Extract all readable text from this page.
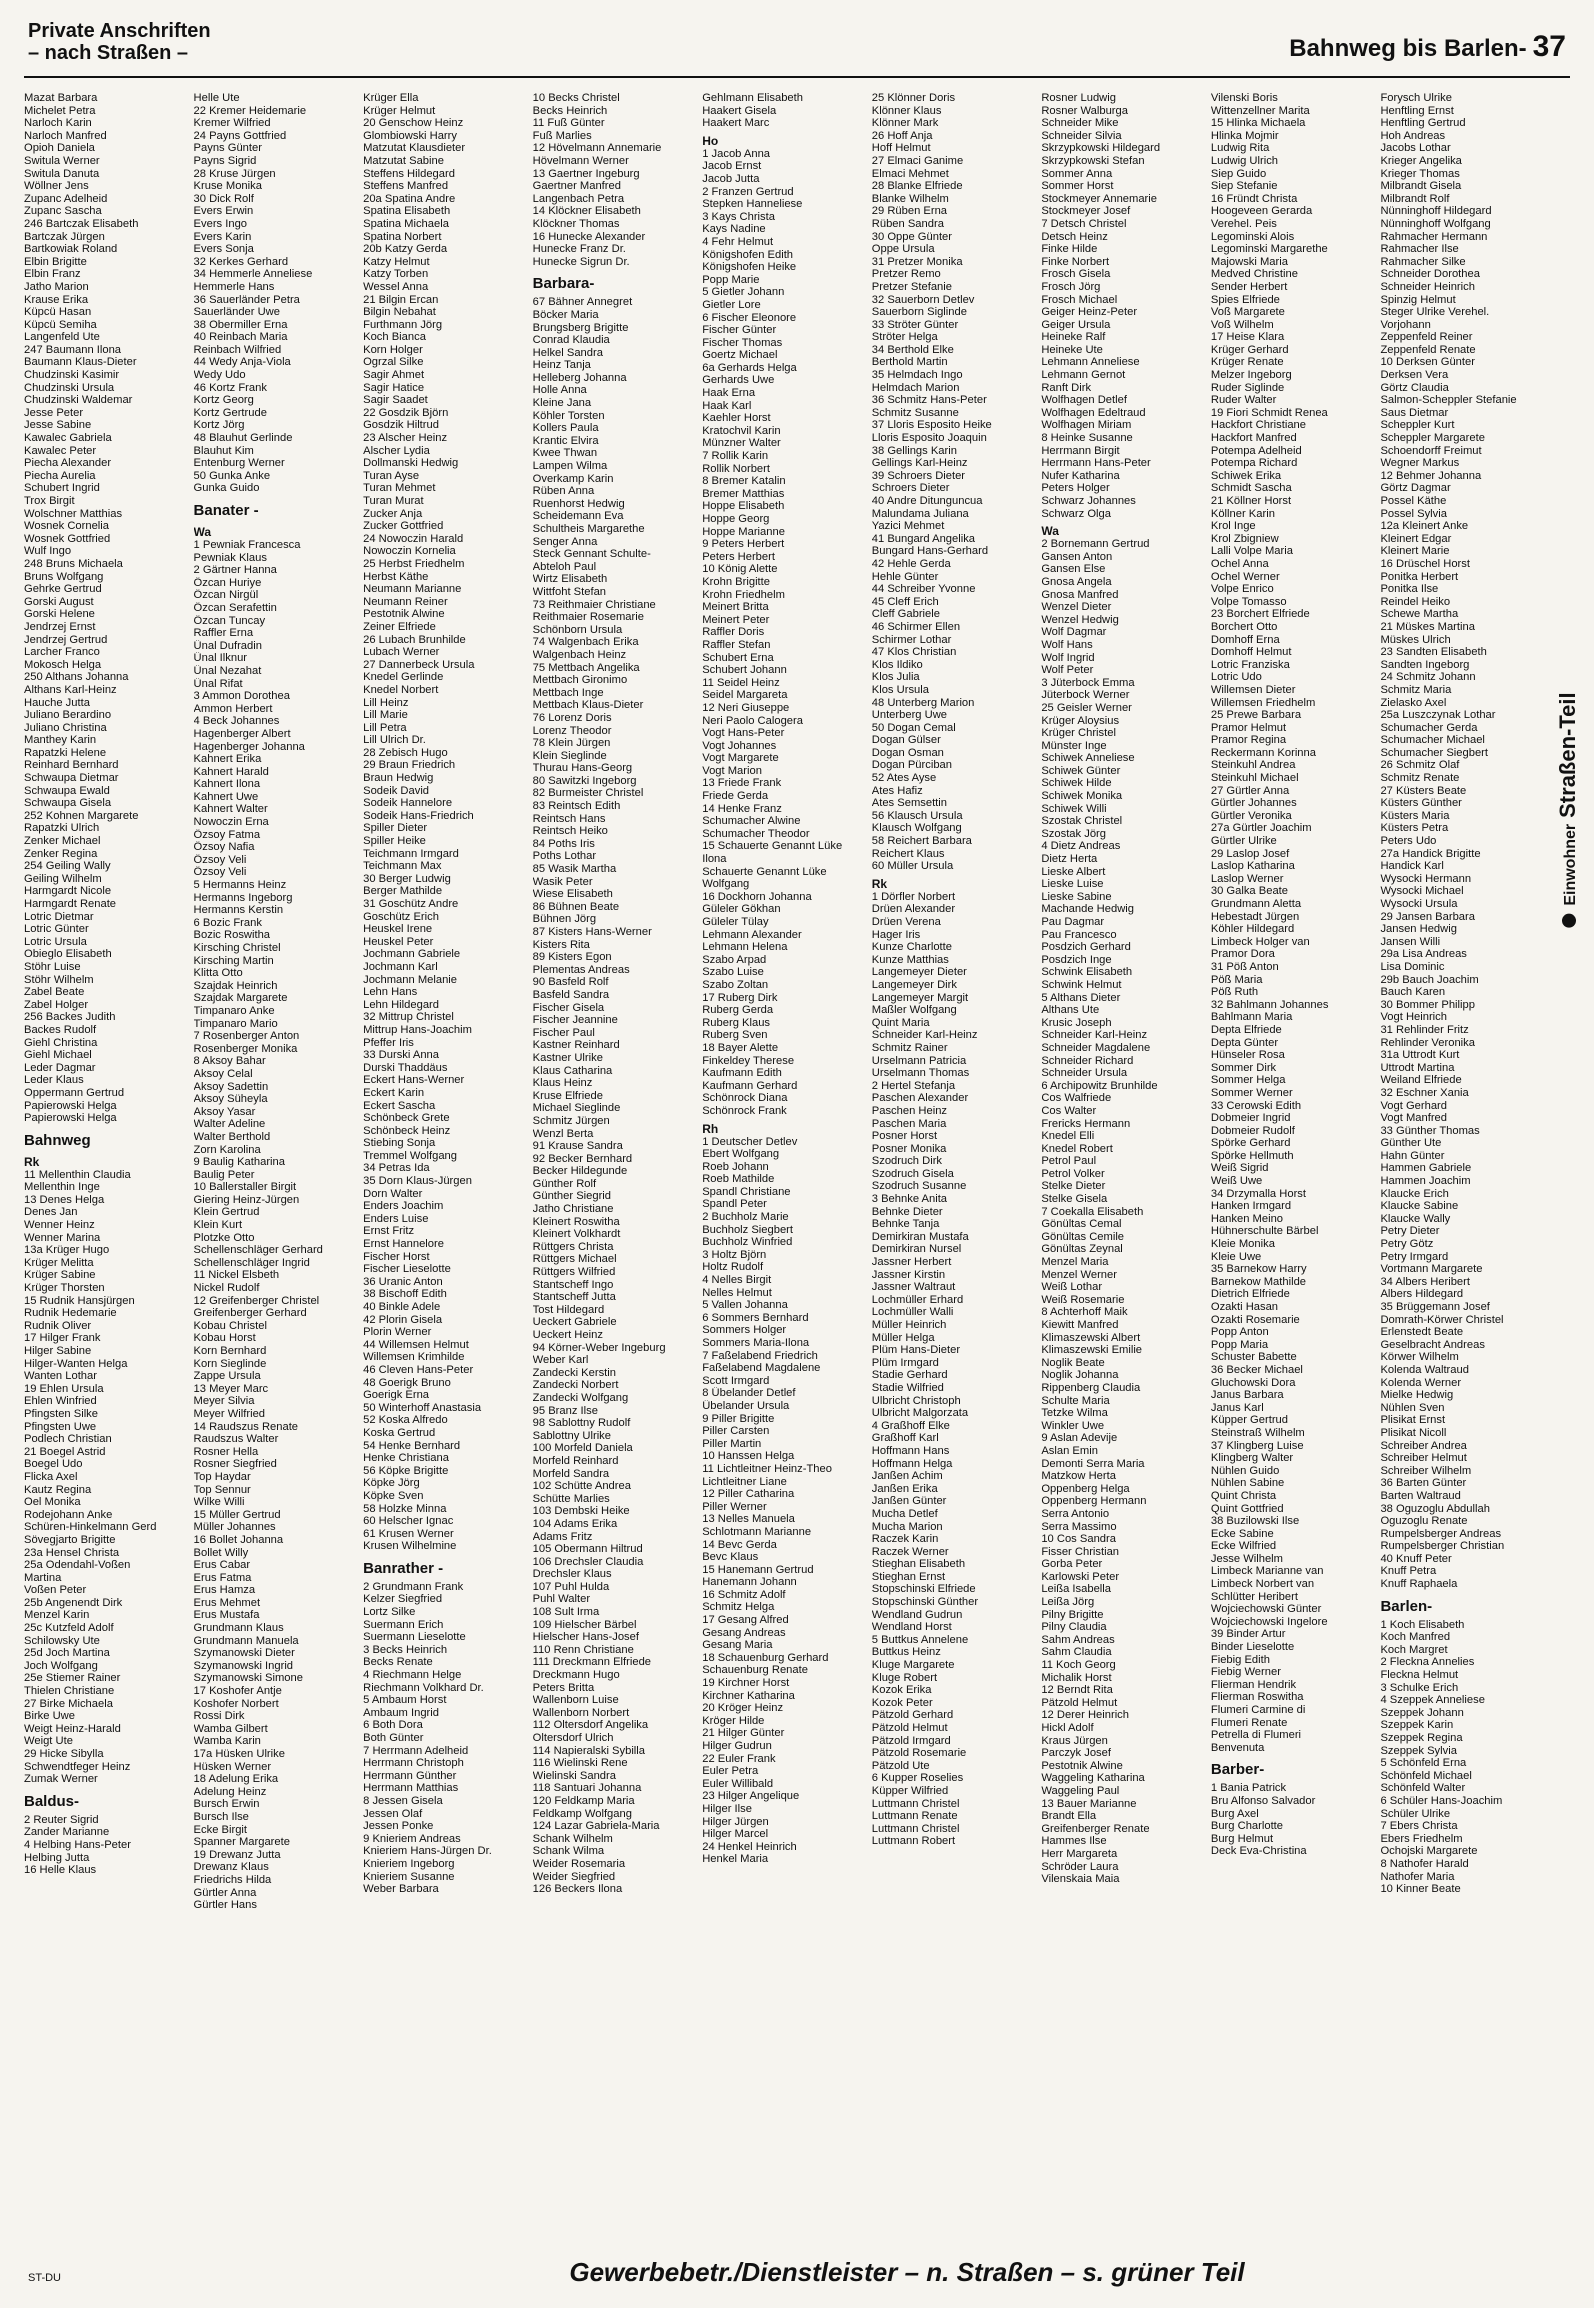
Private Anschriften
– nach Straßen –	Bahnweg bis Barlen- 37
Mazat Barbara
Michelet Petra
Narloch Karin
Narloch Manfred
Opioh Daniela
Switula Werner
Switula Danuta
Wöllner Jens
Zupanc Adelheid
Zupanc Sascha
246 Bartczak Elisabeth
Bartczak Jürgen
Bartkowiak Roland
Elbin Brigitte
Elbin Franz
Jatho Marion
Krause Erika
Küpcü Hasan
Küpcü Semiha
Langenfeld Ute
247 Baumann Ilona
Baumann Klaus-Dieter
Chudzinski Kasimir
Chudzinski Ursula
Chudzinski Waldemar
Jesse Peter
Jesse Sabine
Kawalec Gabriela
Kawalec Peter
Piecha Alexander
Piecha Aurelia
Schubert Ingrid
Trox Birgit
Wolschner Matthias
Wosnek Cornelia
Wosnek Gottfried
Wulf Ingo
248 Bruns Michaela
Bruns Wolfgang
Gehrke Gertrud
Gorski August
Gorski Helene
Jendrzej Ernst
Jendrzej Gertrud
Larcher Franco
Mokosch Helga
250 Althans Johanna
Althans Karl-Heinz
Hauche Jutta
Juliano Berardino
Juliano Christina
Manthey Karin
Rapatzki Helene
Reinhard Bernhard
Schwaupa Dietmar
Schwaupa Ewald
Schwaupa Gisela
252 Kohnen Margarete
Rapatzki Ulrich
Zenker Michael
Zenker Regina
254 Geiling Wally
Geiling Wilhelm
Harmgardt Nicole
Harmgardt Renate
Lotric Dietmar
Lotric Günter
Lotric Ursula
Obieglo Elisabeth
Stöhr Luise
Stöhr Wilhelm
Zabel Beate
Zabel Holger
256 Backes Judith
Backes Rudolf
Giehl Christina
Giehl Michael
Leder Dagmar
Leder Klaus
Oppermann Gertrud
Papierowski Helga
Papierowski Helga
Bahnweg
Rk
11 Mellenthin Claudia
Mellenthin Inge
13 Denes Helga
Denes Jan
Wenner Heinz
Wenner Marina
13a Krüger Hugo
Krüger Melitta
Krüger Sabine
Krüger Thorsten
15 Rudnik Hansjürgen
Rudnik Hedemarie
Rudnik Oliver
17 Hilger Frank
Hilger Sabine
Hilger-Wanten Helga
Wanten Lothar
19 Ehlen Ursula
Ehlen Winfried
Pfingsten Silke
Pfingsten Uwe
Podlech Christian
21 Boegel Astrid
Boegel Udo
Flicka Axel
Kautz Regina
Oel Monika
Rodejohann Anke
Schüren-Hinkelmann Gerd
Sövegjarto Brigitte
23a Hensel Christa
25a Odendahl-Voßen
Martina
Voßen Peter
25b Angenendt Dirk
Menzel Karin
25c Kutzfeld Adolf
Schilowsky Ute
25d Joch Martina
Joch Wolfgang
25e Stiemer Rainer
Thielen Christiane
27 Birke Michaela
Birke Uwe
Weigt Heinz-Harald
Weigt Ute
29 Hicke Sibylla
Schwendtfeger Heinz
Zumak Werner
Baldus-
2 Reuter Sigrid
Zander Marianne
4 Helbing Hans-Peter
Helbing Jutta
16 Helle Klaus
Helle Ute
22 Kremer Heidemarie
Kremer Wilfried
24 Payns Gottfried
Payns Günter
Payns Sigrid
28 Kruse Jürgen
Kruse Monika
30 Dick Rolf
Evers Erwin
Evers Ingo
Evers Karin
Evers Sonja
32 Kerkes Gerhard
34 Hemmerle Anneliese
Hemmerle Hans
36 Sauerländer Petra
Sauerländer Uwe
38 Obermiller Erna
40 Reinbach Maria
Reinbach Wilfried
44 Wedy Anja-Viola
Wedy Udo
46 Kortz Frank
Kortz Georg
Kortz Gertrude
Kortz Jörg
48 Blauhut Gerlinde
Blauhut Kim
Entenburg Werner
50 Gunka Anke
Gunka Guido
Banater -
Wa
1 Pewniak Francesca
Pewniak Klaus
2 Gärtner Hanna
Özcan Huriye
Özcan Nirgül
Özcan Serafettin
Özcan Tuncay
Raffler Erna
Ünal Dufradin
Ünal Ilknur
Ünal Nezahat
Ünal Rifat
3 Ammon Dorothea
Ammon Herbert
4 Beck Johannes
Hagenberger Albert
Hagenberger Johanna
Kahnert Erika
Kahnert Harald
Kahnert Ilona
Kahnert Uwe
Kahnert Walter
Nowoczin Erna
Özsoy Fatma
Özsoy Nafia
Özsoy Veli
Özsoy Veli
5 Hermanns Heinz
Hermanns Ingeborg
Hermanns Kerstin
6 Bozic Frank
Bozic Roswitha
Kirsching Christel
Kirsching Martin
Klitta Otto
Szajdak Heinrich
Szajdak Margarete
Timpanaro Anke
Timpanaro Mario
7 Rosenberger Anton
Rosenberger Monika
8 Aksoy Bahar
Aksoy Celal
Aksoy Sadettin
Aksoy Süheyla
Aksoy Yasar
Walter Adeline
Walter Berthold
Zorn Karolina
9 Baulig Katharina
Baulig Peter
10 Ballerstaller Birgit
Giering Heinz-Jürgen
Klein Gertrud
Klein Kurt
Plotzke Otto
Schellenschläger Gerhard
Schellenschläger Ingrid
11 Nickel Elsbeth
Nickel Rudolf
12 Greifenberger Christel
Greifenberger Gerhard
Kobau Christel
Kobau Horst
Korn Bernhard
Korn Sieglinde
Zappe Ursula
13 Meyer Marc
Meyer Silvia
Meyer Wilfried
14 Raudszus Renate
Raudszus Walter
Rosner Hella
Rosner Siegfried
Top Haydar
Top Sennur
Wilke Willi
15 Müller Gertrud
Müller Johannes
16 Bollet Johanna
Bollet Willy
Erus Cabar
Erus Fatma
Erus Hamza
Erus Mehmet
Erus Mustafa
Grundmann Klaus
Grundmann Manuela
Szymanowski Dieter
Szymanowski Ingrid
Szymanowski Simone
17 Koshofer Antje
Koshofer Norbert
Rossi Dirk
Wamba Gilbert
Wamba Karin
17a Hüsken Ulrike
Hüsken Werner
18 Adelung Erika
Adelung Heinz
Bursch Erwin
Bursch Ilse
Ecke Birgit
Spanner Margarete
19 Drewanz Jutta
Drewanz Klaus
Friedrichs Hilda
Gürtler Anna
Gürtler Hans
Krüger Ella
Krüger Helmut
20 Genschow Heinz
Glombiowski Harry
Matzutat Klausdieter
Matzutat Sabine
Steffens Hildegard
Steffens Manfred
20a Spatina Andre
Spatina Elisabeth
Spatina Michaela
Spatina Norbert
20b Katzy Gerda
Katzy Helmut
Katzy Torben
Wessel Anna
21 Bilgin Ercan
Bilgin Nebahat
Furthmann Jörg
Koch Bianca
Korn Holger
Ogrzal Silke
Sagir Ahmet
Sagir Hatice
Sagir Saadet
22 Gosdzik Björn
Gosdzik Hiltrud
23 Alscher Heinz
Alscher Lydia
Dollmanski Hedwig
Turan Ayse
Turan Mehmet
Turan Murat
Zucker Anja
Zucker Gottfried
24 Nowoczin Harald
Nowoczin Kornelia
25 Herbst Friedhelm
Herbst Käthe
Neumann Marianne
Neumann Reiner
Pestotnik Alwine
Zeiner Elfriede
26 Lubach Brunhilde
Lubach Werner
27 Dannerbeck Ursula
Knedel Gerlinde
Knedel Norbert
Lill Heinz
Lill Marie
Lill Petra
Lill Ulrich Dr.
28 Zebisch Hugo
29 Braun Friedrich
Braun Hedwig
Sodeik David
Sodeik Hannelore
Sodeik Hans-Friedrich
Spiller Dieter
Spiller Heike
Teichmann Irmgard
Teichmann Max
30 Berger Ludwig
Berger Mathilde
31 Goschütz Andre
Goschütz Erich
Heuskel Irene
Heuskel Peter
Jochmann Gabriele
Jochmann Karl
Jochmann Melanie
Lehn Hans
Lehn Hildegard
32 Mittrup Christel
Mittrup Hans-Joachim
Pfeffer Iris
33 Durski Anna
Durski Thaddäus
Eckert Hans-Werner
Eckert Karin
Eckert Sascha
Schönbeck Grete
Schönbeck Heinz
Stiebing Sonja
Tremmel Wolfgang
34 Petras Ida
35 Dorn Klaus-Jürgen
Dorn Walter
Enders Joachim
Enders Luise
Ernst Fritz
Ernst Hannelore
Fischer Horst
Fischer Lieselotte
36 Uranic Anton
38 Bischoff Edith
40 Binkle Adele
42 Plorin Gisela
Plorin Werner
44 Willemsen Helmut
Willemsen Krimhilde
46 Cleven Hans-Peter
48 Goerigk Bruno
Goerigk Erna
50 Winterhoff Anastasia
52 Koska Alfredo
Koska Gertrud
54 Henke Bernhard
Henke Christiana
56 Köpke Brigitte
Köpke Jörg
Köpke Sven
58 Holzke Minna
60 Helscher Ignac
61 Krusen Werner
Krusen Wilhelmine
Banrather -
2 Grundmann Frank
Kelzer Siegfried
Lortz Silke
Suermann Erich
Suermann Lieselotte
3 Becks Heinrich
Becks Renate
4 Riechmann Helge
Riechmann Volkhard Dr.
5 Ambaum Horst
Ambaum Ingrid
6 Both Dora
Both Günter
7 Herrmann Adelheid
Herrmann Christoph
Herrmann Günther
Herrmann Matthias
8 Jessen Gisela
Jessen Olaf
Jessen Ponke
9 Knieriem Andreas
Knieriem Hans-Jürgen Dr.
Knieriem Ingeborg
Knieriem Susanne
Weber Barbara
10 Becks Christel
Becks Heinrich
11 Fuß Günter
Fuß Marlies
12 Hövelmann Annemarie
Hövelmann Werner
13 Gaertner Ingeburg
Gaertner Manfred
Langenbach Petra
14 Klöckner Elisabeth
Klöckner Thomas
16 Hunecke Alexander
Hunecke Franz Dr.
Hunecke Sigrun Dr.
Barbara-
67 Bähner Annegret
Böcker Maria
Brungsberg Brigitte
Conrad Klaudia
Helkel Sandra
Heinz Tanja
Helleberg Johanna
Holle Anna
Kleine Jana
Köhler Torsten
Kollers Paula
Krantic Elvira
Kwee Thwan
Lampen Wilma
Overkamp Karin
Rüben Anna
Ruenhorst Hedwig
Scheidemann Eva
Schultheis Margarethe
Senger Anna
Steck Gennant Schulte-
Abteloh Paul
Wirtz Elisabeth
Wittfoht Stefan
73 Reithmaier Christiane
Reithmaier Rosemarie
Schönborn Ursula
74 Walgenbach Erika
Walgenbach Heinz
75 Mettbach Angelika
Mettbach Gironimo
Mettbach Inge
Mettbach Klaus-Dieter
76 Lorenz Doris
Lorenz Theodor
78 Klein Jürgen
Klein Sieglinde
Thurau Hans-Georg
80 Sawitzki Ingeborg
82 Burmeister Christel
83 Reintsch Edith
Reintsch Hans
Reintsch Heiko
84 Poths Iris
Poths Lothar
85 Wasik Martha
Wasik Peter
Wiese Elisabeth
86 Bühnen Beate
Bühnen Jörg
87 Kisters Hans-Werner
Kisters Rita
89 Kisters Egon
Plementas Andreas
90 Basfeld Rolf
Basfeld Sandra
Fischer Gisela
Fischer Jeannine
Fischer Paul
Kastner Reinhard
Kastner Ulrike
Klaus Catharina
Klaus Heinz
Kruse Elfriede
Michael Sieglinde
Schmitz Jürgen
Wenzl Berta
91 Krause Sandra
92 Becker Bernhard
Becker Hildegunde
Günther Rolf
Günther Siegrid
Jatho Christiane
Kleinert Roswitha
Kleinert Volkhardt
Rüttgers Christa
Rüttgers Michael
Rüttgers Wilfried
Stantscheff Ingo
Stantscheff Jutta
Tost Hildegard
Ueckert Gabriele
Ueckert Heinz
94 Körner-Weber Ingeburg
Weber Karl
Zandecki Kerstin
Zandecki Norbert
Zandecki Wolfgang
95 Branz Ilse
98 Sablottny Rudolf
Sablottny Ulrike
100 Morfeld Daniela
Morfeld Reinhard
Morfeld Sandra
102 Schütte Andrea
Schütte Marlies
103 Dembski Heike
104 Adams Erika
Adams Fritz
105 Obermann Hiltrud
106 Drechsler Claudia
Drechsler Klaus
107 Puhl Hulda
Puhl Walter
108 Sult Irma
109 Hielscher Bärbel
Hielscher Hans-Josef
110 Renn Christiane
111 Dreckmann Elfriede
Dreckmann Hugo
Peters Britta
Wallenborn Luise
Wallenborn Norbert
112 Oltersdorf Angelika
Oltersdorf Ulrich
114 Napieralski Sybilla
116 Wielinski Rene
Wielinski Sandra
118 Santuari Johanna
120 Feldkamp Maria
Feldkamp Wolfgang
124 Lazar Gabriela-Maria
Schank Wilhelm
Schank Wilma
Weider Rosemaria
Weider Siegfried
126 Beckers Ilona
Gehlmann Elisabeth
Haakert Gisela
Haakert Marc
Ho
1 Jacob Anna
Jacob Ernst
Jacob Jutta
2 Franzen Gertrud
Stepken Hanneliese
3 Kays Christa
Kays Nadine
4 Fehr Helmut
Königshofen Edith
Königshofen Heike
Popp Marie
5 Gietler Johann
Gietler Lore
6 Fischer Eleonore
Fischer Günter
Fischer Thomas
Goertz Michael
6a Gerhards Helga
Gerhards Uwe
Haak Erna
Haak Karl
Kaehler Horst
Kratochvil Karin
Münzner Walter
7 Rollik Karin
Rollik Norbert
8 Bremer Katalin
Bremer Matthias
Hoppe Elisabeth
Hoppe Georg
Hoppe Marianne
9 Peters Herbert
Peters Herbert
10 König Alette
Krohn Brigitte
Krohn Friedhelm
Meinert Britta
Meinert Peter
Raffler Doris
Raffler Stefan
Schubert Erna
Schubert Johann
11 Seidel Heinz
Seidel Margareta
12 Neri Giuseppe
Neri Paolo Calogera
Vogt Hans-Peter
Vogt Johannes
Vogt Margarete
Vogt Marion
13 Friede Frank
Friede Gerda
14 Henke Franz
Schumacher Alwine
Schumacher Theodor
15 Schauerte Genannt Lüke
Ilona
Schauerte Genannt Lüke
Wolfgang
16 Dockhorn Johanna
Güleler Gökhan
Güleler Tülay
Lehmann Alexander
Lehmann Helena
Szabo Arpad
Szabo Luise
Szabo Zoltan
17 Ruberg Dirk
Ruberg Gerda
Ruberg Klaus
Ruberg Sven
18 Bayer Alette
Finkeldey Therese
Kaufmann Edith
Kaufmann Gerhard
Schönrock Diana
Schönrock Frank
Rh
1 Deutscher Detlev
Ebert Wolfgang
Roeb Johann
Roeb Mathilde
Spandl Christiane
Spandl Peter
2 Buchholz Marie
Buchholz Siegbert
Buchholz Winfried
3 Holtz Björn
Holtz Rudolf
4 Nelles Birgit
Nelles Helmut
5 Vallen Johanna
6 Sommers Bernhard
Sommers Holger
Sommers Maria-Ilona
7 Faßelabend Friedrich
Faßelabend Magdalene
Scott Irmgard
8 Übelander Detlef
Übelander Ursula
9 Piller Brigitte
Piller Carsten
Piller Martin
10 Hanssen Helga
11 Lichtleitner Heinz-Theo
Lichtleitner Liane
12 Piller Catharina
Piller Werner
13 Nelles Manuela
Schlotmann Marianne
14 Bevc Gerda
Bevc Klaus
15 Hanemann Gertrud
Hanemann Johann
16 Schmitz Adolf
Schmitz Helga
17 Gesang Alfred
Gesang Andreas
Gesang Maria
18 Schauenburg Gerhard
Schauenburg Renate
19 Kirchner Horst
Kirchner Katharina
20 Kröger Heinz
Kröger Hilde
21 Hilger Günter
Hilger Gudrun
22 Euler Frank
Euler Petra
Euler Willibald
23 Hilger Angelique
Hilger Ilse
Hilger Jürgen
Hilger Marcel
24 Henkel Heinrich
Henkel Maria
25 Klönner Doris
Klönner Klaus
Klönner Mark
26 Hoff Anja
Hoff Helmut
27 Elmaci Ganime
Elmaci Mehmet
28 Blanke Elfriede
Blanke Wilhelm
29 Rüben Erna
Rüben Sandra
30 Oppe Günter
Oppe Ursula
31 Pretzer Monika
Pretzer Remo
Pretzer Stefanie
32 Sauerborn Detlev
Sauerborn Siglinde
33 Ströter Günter
Ströter Helga
34 Berthold Elke
Berthold Martin
35 Helmdach Ingo
Helmdach Marion
36 Schmitz Hans-Peter
Schmitz Susanne
37 Lloris Esposito Heike
Lloris Esposito Joaquin
38 Gellings Karin
Gellings Karl-Heinz
39 Schroers Dieter
Schroers Dieter
40 Andre Ditunguncua
Malundama Juliana
Yazici Mehmet
41 Bungard Angelika
Bungard Hans-Gerhard
42 Hehle Gerda
Hehle Günter
44 Schreiber Yvonne
45 Cleff Erich
Cleff Gabriele
46 Schirmer Ellen
Schirmer Lothar
47 Klos Christian
Klos Ildiko
Klos Julia
Klos Ursula
48 Unterberg Marion
Unterberg Uwe
50 Dogan Cemal
Dogan Gülser
Dogan Osman
Dogan Pürciban
52 Ates Ayse
Ates Hafiz
Ates Semsettin
56 Klausch Ursula
Klausch Wolfgang
58 Reichert Barbara
Reichert Klaus
60 Müller Ursula
Rk
1 Dörfler Norbert
Drüen Alexander
Drüen Verena
Hager Iris
Kunze Charlotte
Kunze Matthias
Langemeyer Dieter
Langemeyer Dirk
Langemeyer Margit
Maßler Wolfgang
Quint Maria
Schneider Karl-Heinz
Schmitz Rainer
Urselmann Patricia
Urselmann Thomas
2 Hertel Stefanja
Paschen Alexander
Paschen Heinz
Paschen Maria
Posner Horst
Posner Monika
Szodruch Dirk
Szodruch Gisela
Szodruch Susanne
3 Behnke Anita
Behnke Dieter
Behnke Tanja
Demirkiran Mustafa
Demirkiran Nursel
Jassner Herbert
Jassner Kirstin
Jassner Waltraut
Lochmüller Erhard
Lochmüller Walli
Müller Heinrich
Müller Helga
Plüm Hans-Dieter
Plüm Irmgard
Stadie Gerhard
Stadie Wilfried
Ulbricht Christoph
Ulbricht Malgorzata
4 Graßhoff Elke
Graßhoff Karl
Hoffmann Hans
Hoffmann Helga
Janßen Achim
Janßen Erika
Janßen Günter
Mucha Detlef
Mucha Marion
Raczek Karin
Raczek Werner
Stieghan Elisabeth
Stieghan Ernst
Stopschinski Elfriede
Stopschinski Günther
Wendland Gudrun
Wendland Horst
5 Buttkus Annelene
Buttkus Heinz
Kluge Margarete
Kluge Robert
Kozok Erika
Kozok Peter
Pätzold Gerhard
Pätzold Helmut
Pätzold Irmgard
Pätzold Rosemarie
Pätzold Ute
6 Kupper Roselies
Küpper Wilfried
Luttmann Christel
Luttmann Renate
Luttmann Christel
Luttmann Robert
Rosner Ludwig
Rosner Walburga
Schneider Mike
Schneider Silvia
Skrzypkowski Hildegard
Skrzypkowski Stefan
Sommer Anna
Sommer Horst
Stockmeyer Annemarie
Stockmeyer Josef
7 Detsch Christel
Detsch Heinz
Finke Hilde
Finke Norbert
Frosch Gisela
Frosch Jörg
Frosch Michael
Geiger Heinz-Peter
Geiger Ursula
Heineke Ralf
Heineke Ute
Lehmann Anneliese
Lehmann Gernot
Ranft Dirk
Wolfhagen Detlef
Wolfhagen Edeltraud
Wolfhagen Miriam
8 Heinke Susanne
Herrmann Birgit
Herrmann Hans-Peter
Nufer Katharina
Peters Holger
Schwarz Johannes
Schwarz Olga
Wa
2 Bornemann Gertrud
Gansen Anton
Gansen Else
Gnosa Angela
Gnosa Manfred
Wenzel Dieter
Wenzel Hedwig
Wolf Dagmar
Wolf Hans
Wolf Ingrid
Wolf Peter
3 Jüterbock Emma
Jüterbock Werner
25 Geisler Werner
Krüger Aloysius
Krüger Christel
Münster Inge
Schiwek Anneliese
Schiwek Günter
Schiwek Hilde
Schiwek Monika
Schiwek Willi
Szostak Christel
Szostak Jörg
4 Dietz Andreas
Dietz Herta
Lieske Albert
Lieske Luise
Lieske Sabine
Machande Hedwig
Pau Dagmar
Pau Francesco
Posdzich Gerhard
Posdzich Inge
Schwink Elisabeth
Schwink Helmut
5 Althans Dieter
Althans Ute
Krusic Joseph
Schneider Karl-Heinz
Schneider Magdalene
Schneider Richard
Schneider Ursula
6 Archipowitz Brunhilde
Cos Walfriede
Cos Walter
Frericks Hermann
Knedel Elli
Knedel Robert
Petrol Paul
Petrol Volker
Stelke Dieter
Stelke Gisela
7 Coekalla Elisabeth
Gönültas Cemal
Gönültas Cemile
Gönültas Zeynal
Menzel Maria
Menzel Werner
Weiß Lothar
Weiß Rosemarie
8 Achterhoff Maik
Kiewitt Manfred
Klimaszewski Albert
Klimaszewski Emilie
Noglik Beate
Noglik Johanna
Rippenberg Claudia
Schulte Maria
Tetzke Wilma
Winkler Uwe
9 Aslan Adevije
Aslan Emin
Demonti Serra Maria
Matzkow Herta
Oppenberg Helga
Oppenberg Hermann
Serra Antonio
Serra Massimo
10 Cos Sandra
Fisser Christian
Gorba Peter
Karlowski Peter
Leißa Isabella
Leißa Jörg
Pilny Brigitte
Pilny Claudia
Sahm Andreas
Sahm Claudia
11 Koch Georg
Michalik Horst
12 Berndt Rita
Pätzold Helmut
12 Derer Heinrich
Hickl Adolf
Kraus Jürgen
Parczyk Josef
Pestotnik Alwine
Waggeling Katharina
Waggeling Paul
13 Bauer Marianne
Brandt Ella
Greifenberger Renate
Hammes Ilse
Herr Margareta
Schröder Laura
Vilenskaia Maia
Vilenski Boris
Wittenzellner Marita
15 Hlinka Michaela
Hlinka Mojmir
Ludwig Rita
Ludwig Ulrich
Siep Guido
Siep Stefanie
16 Fründt Christa
Hoogeveen Gerarda
Verehel. Peis
Legominski Alois
Legominski Margarethe
Majowski Maria
Medved Christine
Sender Herbert
Spies Elfriede
Voß Margarete
Voß Wilhelm
17 Heise Klara
Krüger Gerhard
Krüger Renate
Melzer Ingeborg
Ruder Siglinde
Ruder Walter
19 Fiori Schmidt Renea
Hackfort Christiane
Hackfort Manfred
Potempa Adelheid
Potempa Richard
Schiwek Erika
Schmidt Sascha
21 Köllner Horst
Köllner Karin
Krol Inge
Krol Zbigniew
Lalli Volpe Maria
Ochel Anna
Ochel Werner
Volpe Enrico
Volpe Tomasso
23 Borchert Elfriede
Borchert Otto
Domhoff Erna
Domhoff Helmut
Lotric Franziska
Lotric Udo
Willemsen Dieter
Willemsen Friedhelm
25 Prewe Barbara
Pramor Helmut
Pramor Regina
Reckermann Korinna
Steinkuhl Andrea
Steinkuhl Michael
27 Gürtler Anna
Gürtler Johannes
Gürtler Veronika
27a Gürtler Joachim
Gürtler Ulrike
29 Laslop Josef
Laslop Katharina
Laslop Werner
30 Galka Beate
Grundmann Aletta
Hebestadt Jürgen
Köhler Hildegard
Limbeck Holger van
Pramor Dora
31 Pöß Anton
Pöß Maria
Pöß Ruth
32 Bahlmann Johannes
Bahlmann Maria
Depta Elfriede
Depta Günter
Hünseler Rosa
Sommer Dirk
Sommer Helga
Sommer Werner
33 Cerowski Edith
Dobmeier Ingrid
Dobmeier Rudolf
Spörke Gerhard
Spörke Hellmuth
Weiß Sigrid
Weiß Uwe
34 Drzymalla Horst
Hanken Irmgard
Hanken Meino
Hühnerschulte Bärbel
Kleie Monika
Kleie Uwe
35 Barnekow Harry
Barnekow Mathilde
Dietrich Elfriede
Ozakti Hasan
Ozakti Rosemarie
Popp Anton
Popp Maria
Schuster Babette
36 Becker Michael
Gluchowski Dora
Janus Barbara
Janus Karl
Küpper Gertrud
Steinstraß Wilhelm
37 Klingberg Luise
Klingberg Walter
Nühlen Guido
Nühlen Sabine
Quint Christa
Quint Gottfried
38 Buzilowski Ilse
Ecke Sabine
Ecke Wilfried
Jesse Wilhelm
Limbeck Marianne van
Limbeck Norbert van
Schlütter Heribert
Wojciechowski Günter
Wojciechowski Ingelore
39 Binder Artur
Binder Lieselotte
Fiebig Edith
Fiebig Werner
Flierman Hendrik
Flierman Roswitha
Flumeri Carmine di
Flumeri Renate
Petrella di Flumeri
Benvenuta
Barber-
1 Bania Patrick
Bru Alfonso Salvador
Burg Axel
Burg Charlotte
Burg Helmut
Deck Eva-Christina
Forysch Ulrike
Henftling Ernst
Henftling Gertrud
Hoh Andreas
Jacobs Lothar
Krieger Angelika
Krieger Thomas
Milbrandt Gisela
Milbrandt Rolf
Nünninghoff Hildegard
Nünninghoff Wolfgang
Rahmacher Hermann
Rahmacher Ilse
Rahmacher Silke
Schneider Dorothea
Schneider Heinrich
Spinzig Helmut
Steger Ulrike Verehel.
Vorjohann
Zeppenfeld Reiner
Zeppenfeld Renate
10 Derksen Günter
Derksen Vera
Görtz Claudia
Salmon-Scheppler Stefanie
Saus Dietmar
Scheppler Kurt
Scheppler Margarete
Schoendorff Freimut
Wegner Markus
12 Behmer Johanna
Görtz Dagmar
Possel Käthe
Possel Sylvia
12a Kleinert Anke
Kleinert Edgar
Kleinert Marie
16 Drüschel Horst
Ponitka Herbert
Ponitka Ilse
Reindel Heiko
Schewe Martha
21 Müskes Martina
Müskes Ulrich
23 Sandten Elisabeth
Sandten Ingeborg
24 Schmitz Johann
Schmitz Maria
Zielasko Axel
25a Luszczynak Lothar
Schumacher Gerda
Schumacher Michael
Schumacher Siegbert
26 Schmitz Olaf
Schmitz Renate
27 Küsters Beate
Küsters Günther
Küsters Maria
Küsters Petra
Peters Udo
27a Handick Brigitte
Handick Karl
Wysocki Hermann
Wysocki Michael
Wysocki Ursula
29 Jansen Barbara
Jansen Hedwig
Jansen Willi
29a Lisa Andreas
Lisa Dominic
29b Bauch Joachim
Bauch Karen
30 Bommer Philipp
Vogt Heinrich
31 Rehlinder Fritz
Rehlinder Veronika
31a Uttrodt Kurt
Uttrodt Martina
Weiland Elfriede
32 Eschner Xania
Vogt Gerhard
Vogt Manfred
33 Günther Thomas
Günther Ute
Hahn Günter
Hammen Gabriele
Hammen Joachim
Klaucke Erich
Klaucke Sabine
Klaucke Wally
Petry Dieter
Petry Götz
Petry Irmgard
Vortmann Margarete
34 Albers Heribert
Albers Hildegard
35 Brüggemann Josef
Domrath-Körwer Christel
Erlenstedt Beate
Geselbracht Andreas
Körwer Wilhelm
Kolenda Waltraud
Kolenda Werner
Mielke Hedwig
Nühlen Sven
Plisikat Ernst
Plisikat Nicoll
Schreiber Andrea
Schreiber Helmut
Schreiber Wilhelm
36 Barten Günter
Barten Waltraud
38 Oguzoglu Abdullah
Oguzoglu Renate
Rumpelsberger Andreas
Rumpelsberger Christian
40 Knuff Peter
Knuff Petra
Knuff Raphaela
Barlen-
1 Koch Elisabeth
Koch Manfred
Koch Margret
2 Fleckna Annelies
Fleckna Helmut
3 Schulke Erich
4 Szeppek Anneliese
Szeppek Johann
Szeppek Karin
Szeppek Regina
Szeppek Sylvia
5 Schönfeld Erna
Schönfeld Michael
Schönfeld Walter
6 Schüler Hans-Joachim
Schüler Ulrike
7 Ebers Christa
Ebers Friedhelm
Ochojski Margarete
8 Nathofer Harald
Nathofer Maria
10 Kinner Beate
EinwohnerStraßen-Teil
ST-DU	Gewerbebetr./Dienstleister – n. Straßen – s. grüner Teil
